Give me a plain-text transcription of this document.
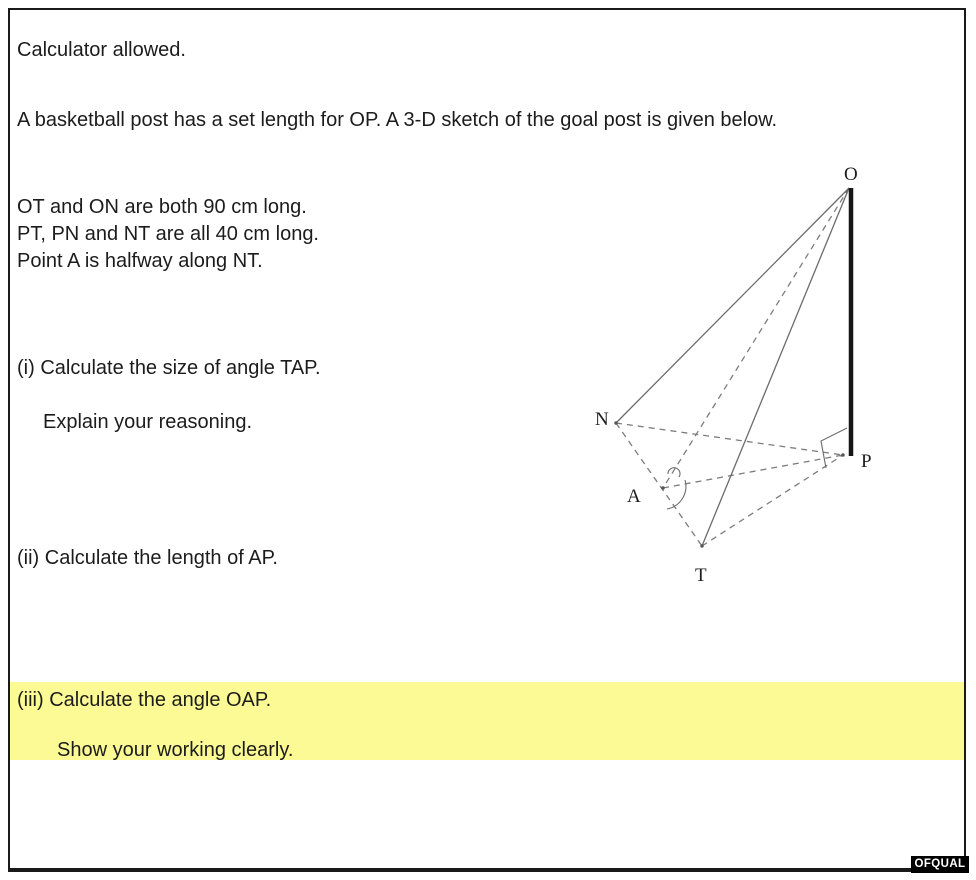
Calculator allowed.
A basketball post has a set length for OP. A 3-D sketch of the goal post is given below.
OT and ON are both 90 cm long.
PT, PN and NT are all 40 cm long.
Point A is halfway along NT.
(i) Calculate the size of angle TAP.
Explain your reasoning.
(ii) Calculate the length of AP.
(iii) Calculate the angle OAP.
Show your working clearly.
O
N
A
T
P
OFQUAL
